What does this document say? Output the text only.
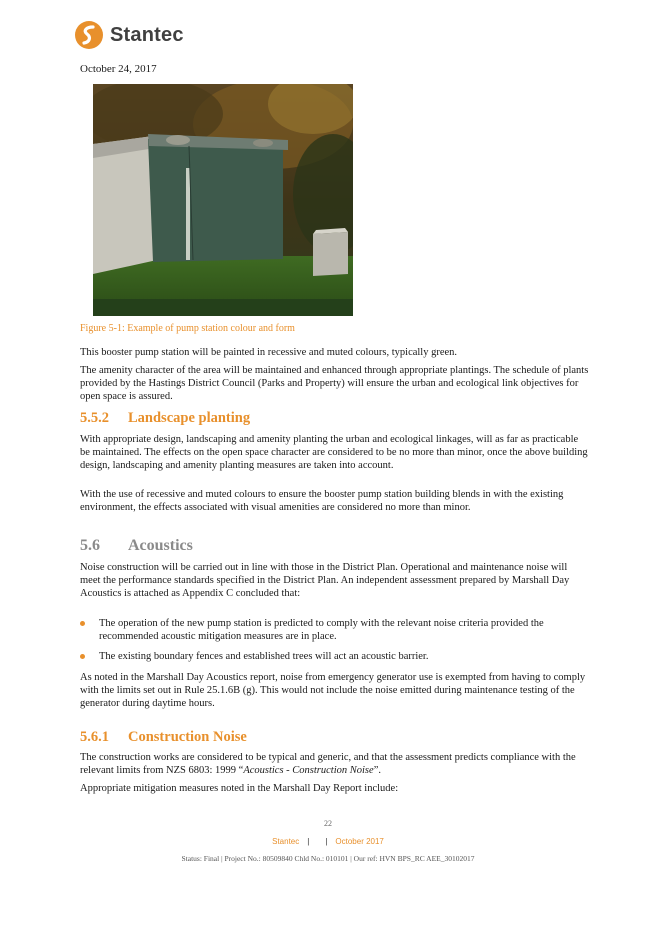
Stantec
October 24, 2017
Figure 5-1: Example of pump station colour and form
This booster pump station will be painted in recessive and muted colours, typically green.
The amenity character of the area will be maintained and enhanced through appropriate plantings. The schedule of plants provided by the Hastings District Council (Parks and Property) will ensure the urban and ecological link objectives for open space is assured.
5.5.2 Landscape planting
With appropriate design, landscaping and amenity planting the urban and ecological linkages, will as far as practicable be maintained. The effects on the open space character are considered to be no more than minor, once the above building design, landscaping and amenity planting measures are taken into account.
With the use of recessive and muted colours to ensure the booster pump station building blends in with the existing environment, the effects associated with visual amenities are considered no more than minor.
5.6 Acoustics
Noise construction will be carried out in line with those in the District Plan. Operational and maintenance noise will meet the performance standards specified in the District Plan. An independent assessment prepared by Marshall Day Acoustics is attached as Appendix C concluded that:
The operation of the new pump station is predicted to comply with the relevant noise criteria provided the recommended acoustic mitigation measures are in place.
The existing boundary fences and established trees will act an acoustic barrier.
As noted in the Marshall Day Acoustics report, noise from emergency generator use is exempted from having to comply with the limits set out in Rule 25.1.6B (g). This would not include the noise emitted during maintenance testing of the generator during daytime hours.
5.6.1 Construction Noise
The construction works are considered to be typical and generic, and that the assessment predicts compliance with the relevant limits from NZS 6803: 1999 “Acoustics - Construction Noise”.
Appropriate mitigation measures noted in the Marshall Day Report include:
22
Stantec | | October 2017
Status: Final | Project No.: 80509840 Chld No.: 010101 | Our ref: HVN BPS_RC AEE_30102017
